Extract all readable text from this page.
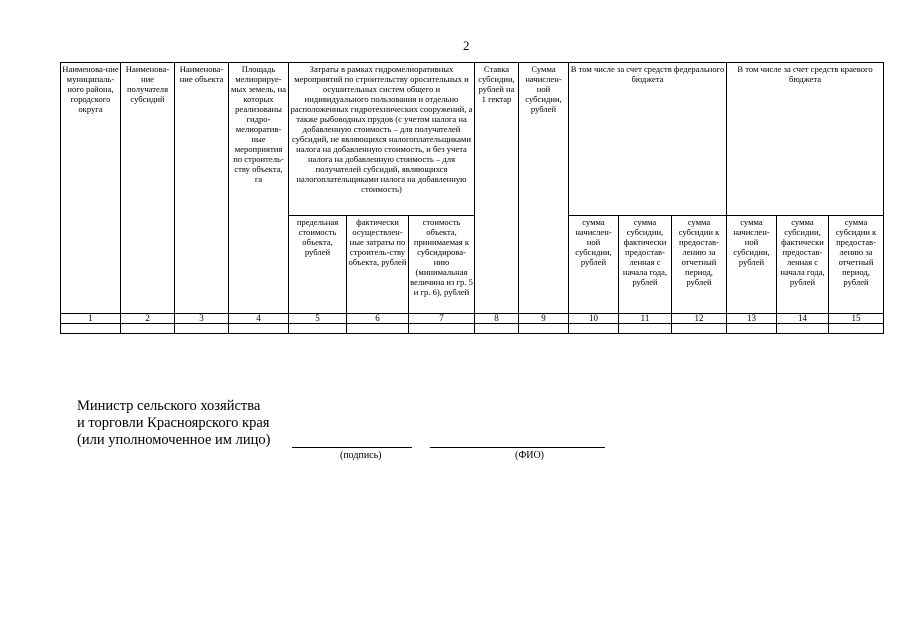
2
Наименова-ние муниципаль-ного района, городского округа	Наименова-ние получателя субсидий	Наименова-ние объекта	Площадь мелиорируе-мых земель, на которых реализованы гидро-мелиоратив-ные мероприятия по строитель-ству объекта, га	Затраты в рамках гидромелиоративных мероприятий по строительству оросительных и осушительных систем общего и индивидуального пользования и отдельно расположенных гидротехнических сооружений, а также рыбоводных прудов (с учетом налога на добавленную стоимость – для получателей субсидий, не являющихся налогоплательщиками налога на добавленную стоимость, и без учета налога на добавленную стоимость – для получателей субсидий, являющихся налогоплательщиками налога на добавленную стоимость)			Ставка субсидии, рублей на 1 гектар	Сумма начислен-ной субсидии, рублей	В том числе за счет средств федерального бюджета			В том числе за счет средств краевого бюджета		
				предельная стоимость объекта, рублей	фактически осуществлен-ные затраты по строитель-ству объекта, рублей	стоимость объекта, принимаемая к субсидирова-нию (минимальная величина из гр. 5 и гр. 6), рублей			сумма начислен-ной субсидии, рублей	сумма субсидии, фактически предостав-ленная с начала года, рублей	сумма субсидии к предостав-лению за отчетный период, рублей	сумма начислен-ной субсидии, рублей	сумма субсидии, фактически предостав-ленная с начала года, рублей	сумма субсидии к предостав-лению за отчетный период, рублей
1	2	3	4	5	6	7	8	9	10	11	12	13	14	15

Министр сельского хозяйства
и торговли Красноярского края
(или уполномоченное им лицо)
(подпись)	(ФИО)
